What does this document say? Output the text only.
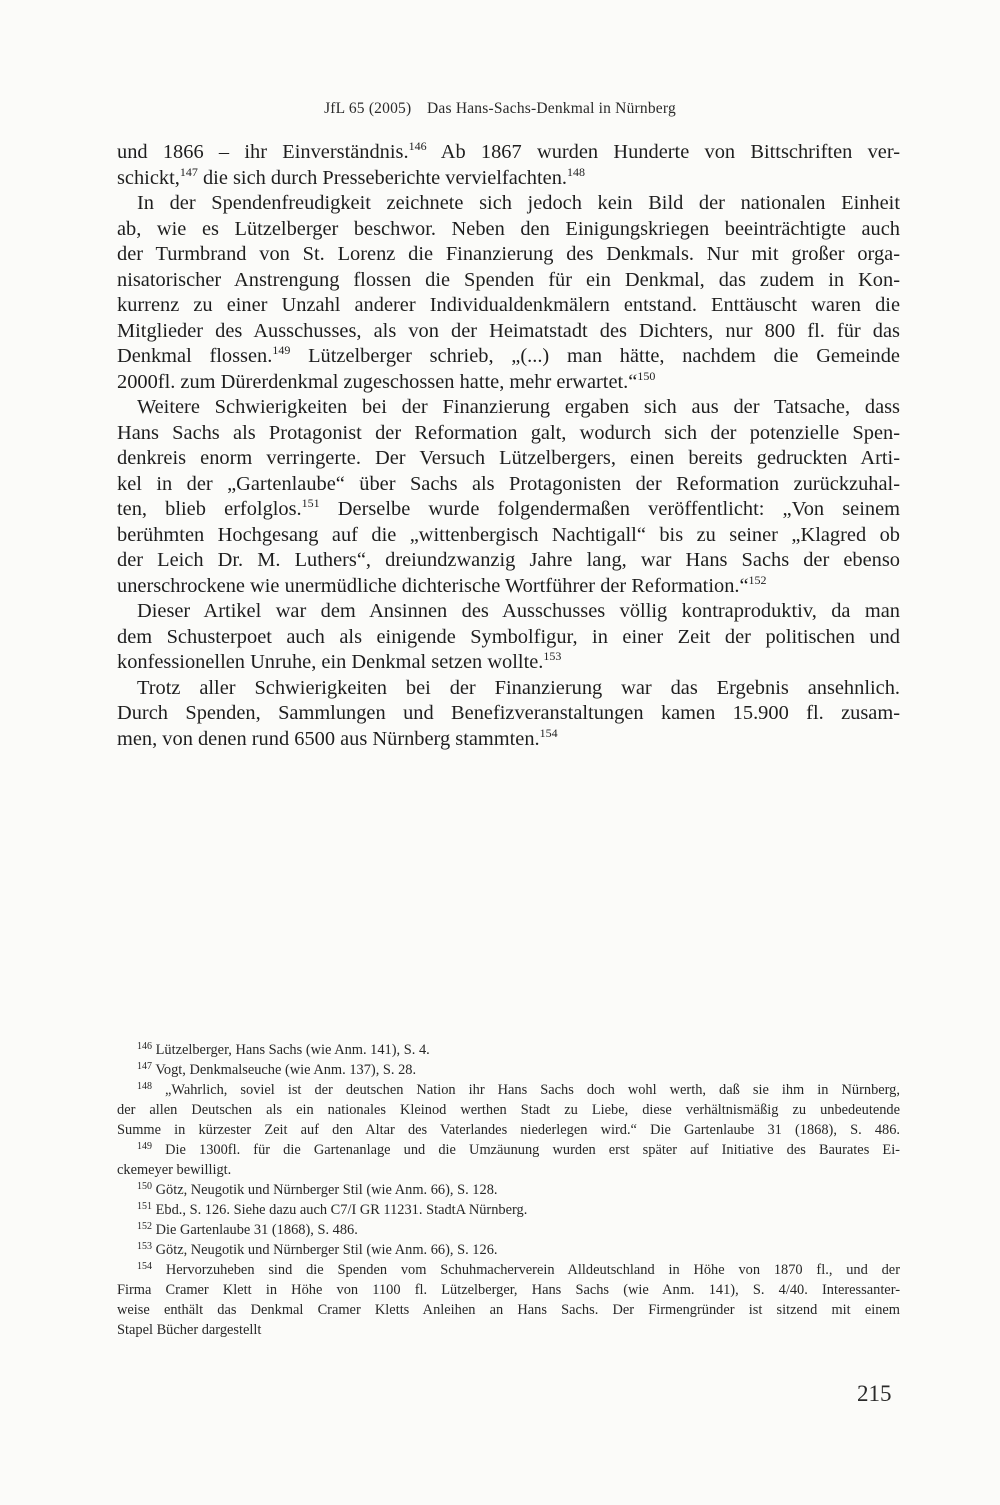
JfL 65 (2005) Das Hans-Sachs-Denkmal in Nürnberg
und 1866 – ihr Einverständnis.$^{146}$ Ab 1867 wurden Hunderte von Bittschriften ver-
schickt,$^{147}$ die sich durch Presseberichte vervielfachten.$^{148}$
In der Spendenfreudigkeit zeichnete sich jedoch kein Bild der nationalen Einheit
ab, wie es Lützelberger beschwor. Neben den Einigungskriegen beeinträchtigte auch
der Turmbrand von St. Lorenz die Finanzierung des Denkmals. Nur mit großer orga-
nisatorischer Anstrengung flossen die Spenden für ein Denkmal, das zudem in Kon-
kurrenz zu einer Unzahl anderer Individualdenkmälern entstand. Enttäuscht waren die
Mitglieder des Ausschusses, als von der Heimatstadt des Dichters, nur 800 fl. für das
Denkmal flossen.$^{149}$ Lützelberger schrieb, „(...) man hätte, nachdem die Gemeinde
2000fl. zum Dürerdenkmal zugeschossen hatte, mehr erwartet.“$^{150}$
Weitere Schwierigkeiten bei der Finanzierung ergaben sich aus der Tatsache, dass
Hans Sachs als Protagonist der Reformation galt, wodurch sich der potenzielle Spen-
denkreis enorm verringerte. Der Versuch Lützelbergers, einen bereits gedruckten Arti-
kel in der „Gartenlaube“ über Sachs als Protagonisten der Reformation zurückzuhal-
ten, blieb erfolglos.$^{151}$ Derselbe wurde folgendermaßen veröffentlicht: „Von seinem
berühmten Hochgesang auf die „wittenbergisch Nachtigall“ bis zu seiner „Klagred ob
der Leich Dr. M. Luthers“, dreiundzwanzig Jahre lang, war Hans Sachs der ebenso
unerschrockene wie unermüdliche dichterische Wortführer der Reformation.“$^{152}$
Dieser Artikel war dem Ansinnen des Ausschusses völlig kontraproduktiv, da man
dem Schusterpoet auch als einigende Symbolfigur, in einer Zeit der politischen und
konfessionellen Unruhe, ein Denkmal setzen wollte.$^{153}$
Trotz aller Schwierigkeiten bei der Finanzierung war das Ergebnis ansehnlich.
Durch Spenden, Sammlungen und Benefizveranstaltungen kamen 15.900 fl. zusam-
men, von denen rund 6500 aus Nürnberg stammten.$^{154}$
$^{146}$ Lützelberger, Hans Sachs (wie Anm. 141), S. 4.
$^{147}$ Vogt, Denkmalseuche (wie Anm. 137), S. 28.
$^{148}$ „Wahrlich, soviel ist der deutschen Nation ihr Hans Sachs doch wohl werth, daß sie ihm in Nürnberg,
der allen Deutschen als ein nationales Kleinod werthen Stadt zu Liebe, diese verhältnismäßig zu unbedeutende
Summe in kürzester Zeit auf den Altar des Vaterlandes niederlegen wird.“ Die Gartenlaube 31 (1868), S. 486.
$^{149}$ Die 1300fl. für die Gartenanlage und die Umzäunung wurden erst später auf Initiative des Baurates Ei-
ckemeyer bewilligt.
$^{150}$ Götz, Neugotik und Nürnberger Stil (wie Anm. 66), S. 128.
$^{151}$ Ebd., S. 126. Siehe dazu auch C7/I GR 11231. StadtA Nürnberg.
$^{152}$ Die Gartenlaube 31 (1868), S. 486.
$^{153}$ Götz, Neugotik und Nürnberger Stil (wie Anm. 66), S. 126.
$^{154}$ Hervorzuheben sind die Spenden vom Schuhmacherverein Alldeutschland in Höhe von 1870 fl., und der
Firma Cramer Klett in Höhe von 1100 fl. Lützelberger, Hans Sachs (wie Anm. 141), S. 4/40. Interessanter-
weise enthält das Denkmal Cramer Kletts Anleihen an Hans Sachs. Der Firmengründer ist sitzend mit einem
Stapel Bücher dargestellt
215
